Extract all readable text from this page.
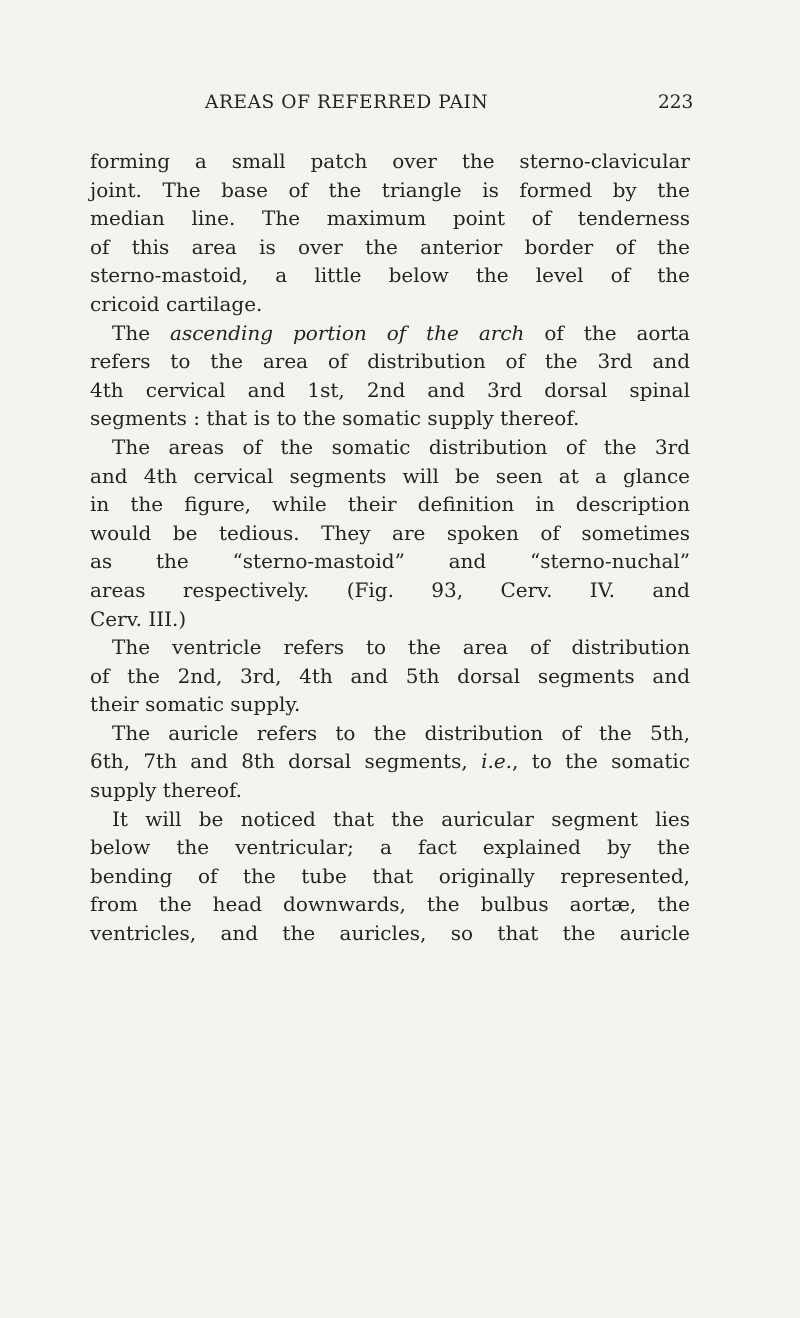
AREAS OF REFERRED PAIN	223
forming a small patch over the sterno-clavicular
joint. The base of the triangle is formed by the
median line. The maximum point of tenderness
of this area is over the anterior border of the
sterno-mastoid, a little below the level of the
cricoid cartilage.
The ascending portion of the arch of the aorta
refers to the area of distribution of the 3rd and
4th cervical and 1st, 2nd and 3rd dorsal spinal
segments : that is to the somatic supply thereof.
The areas of the somatic distribution of the 3rd
and 4th cervical segments will be seen at a glance
in the figure, while their definition in description
would be tedious. They are spoken of sometimes
as the “sterno-mastoid” and “sterno-nuchal”
areas respectively. (Fig. 93, Cerv. IV. and
Cerv. III.)
The ventricle refers to the area of distribution
of the 2nd, 3rd, 4th and 5th dorsal segments and
their somatic supply.
The auricle refers to the distribution of the 5th,
6th, 7th and 8th dorsal segments, i.e., to the somatic
supply thereof.
It will be noticed that the auricular segment lies
below the ventricular; a fact explained by the
bending of the tube that originally represented,
from the head downwards, the bulbus aortæ, the
ventricles, and the auricles, so that the auricle
